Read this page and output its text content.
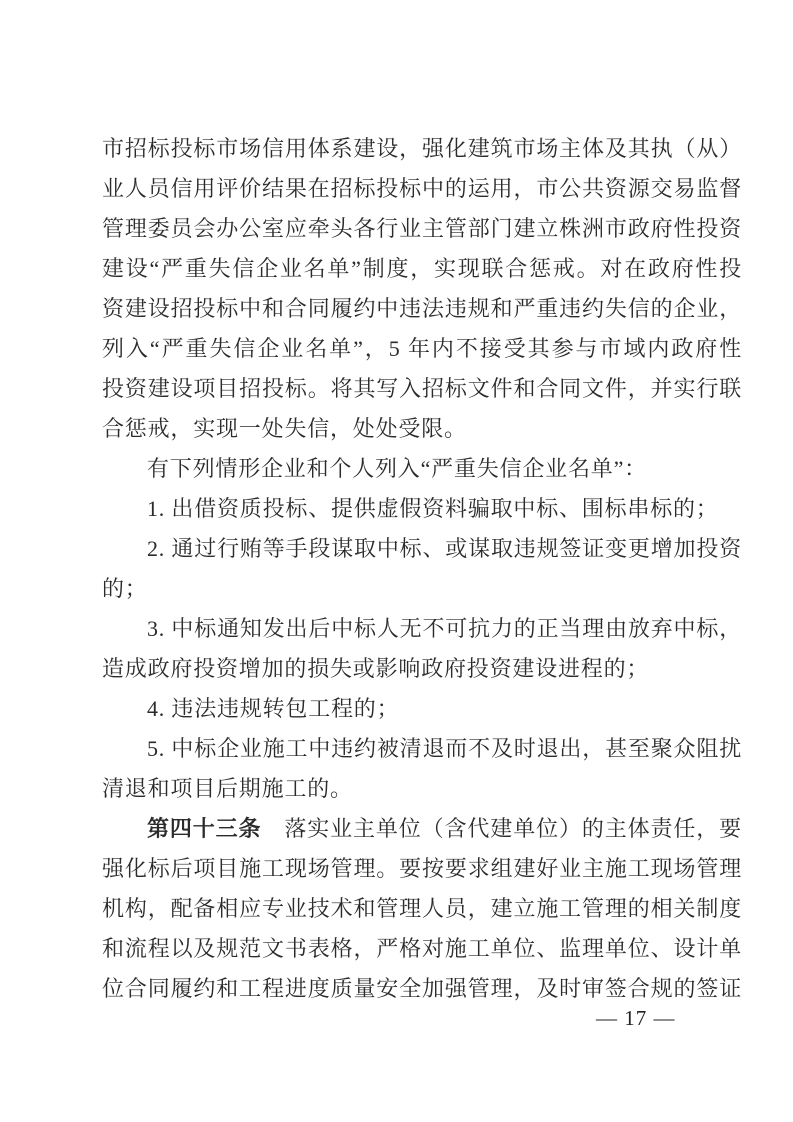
市招标投标市场信用体系建设，强化建筑市场主体及其执（从）
业人员信用评价结果在招标投标中的运用，市公共资源交易监督
管理委员会办公室应牵头各行业主管部门建立株洲市政府性投资
建设“严重失信企业名单”制度，实现联合惩戒。对在政府性投
资建设招投标中和合同履约中违法违规和严重违约失信的企业，
列入“严重失信企业名单”，5 年内不接受其参与市域内政府性
投资建设项目招投标。将其写入招标文件和合同文件，并实行联
合惩戒，实现一处失信，处处受限。
有下列情形企业和个人列入“严重失信企业名单”：
1. 出借资质投标、提供虚假资料骗取中标、围标串标的；
2. 通过行贿等手段谋取中标、或谋取违规签证变更增加投资
的；
3. 中标通知发出后中标人无不可抗力的正当理由放弃中标，
造成政府投资增加的损失或影响政府投资建设进程的；
4. 违法违规转包工程的；
5. 中标企业施工中违约被清退而不及时退出，甚至聚众阻扰
清退和项目后期施工的。
第四十三条　落实业主单位（含代建单位）的主体责任，要
强化标后项目施工现场管理。要按要求组建好业主施工现场管理
机构，配备相应专业技术和管理人员，建立施工管理的相关制度
和流程以及规范文书表格，严格对施工单位、监理单位、设计单
位合同履约和工程进度质量安全加强管理，及时审签合规的签证
— 17 —
